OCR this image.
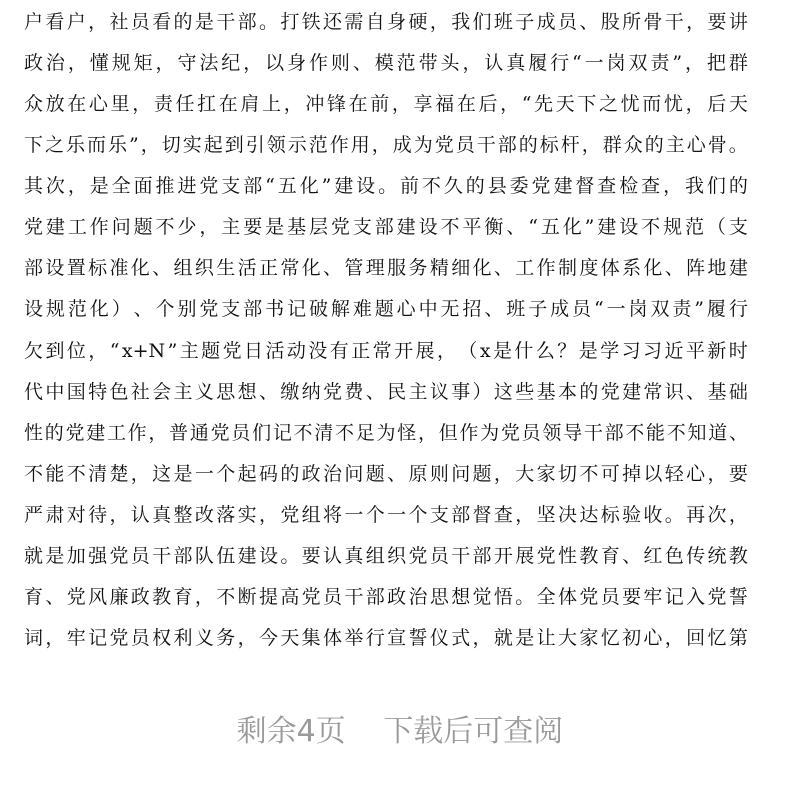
户 看 户 ， 社 员 看 的 是 干 部 。 打 铁 还 需 自 身 硬 ， 我 们 班 子 成 员 、 股 所 骨 干 ， 要 讲
政 治 ， 懂 规 矩 ， 守 法 纪 ， 以 身 作 则 、 模 范 带 头 ， 认 真 履 行 “ 一 岗 双 责 ” ， 把 群
众 放 在 心 里 ， 责 任 扛 在 肩 上 ， 冲 锋 在 前 ， 享 福 在 后 ， “ 先 天 下 之 忧 而 忧 ， 后 天
下 之 乐 而 乐 ” ， 切 实 起 到 引 领 示 范 作 用 ， 成 为 党 员 干 部 的 标 杆 ， 群 众 的 主 心 骨 。
其 次 ， 是 全 面 推 进 党 支 部 “ 五 化 ” 建 设 。 前 不 久 的 县 委 党 建 督 查 检 查 ， 我 们 的
党 建 工 作 问 题 不 少 ， 主 要 是 基 层 党 支 部 建 设 不 平 衡 、 “ 五 化 ” 建 设 不 规 范 （ 支
部 设 置 标 准 化 、 组 织 生 活 正 常 化 、 管 理 服 务 精 细 化 、 工 作 制 度 体 系 化 、 阵 地 建
设 规 范 化 ） 、 个 别 党 支 部 书 记 破 解 难 题 心 中 无 招 、 班 子 成 员 “ 一 岗 双 责 ” 履 行
欠 到 位 ， “ x+N ” 主 题 党 日 活 动 没 有 正 常 开 展 ， （ x 是 什 么 ？ 是 学 习 习 近 平 新 时
代 中 国 特 色 社 会 主 义 思 想 、 缴 纳 党 费 、 民 主 议 事 ） 这 些 基 本 的 党 建 常 识 、 基 础
性 的 党 建 工 作 ， 普 通 党 员 们 记 不 清 不 足 为 怪 ， 但 作 为 党 员 领 导 干 部 不 能 不 知 道 、
不 能 不 清 楚 ， 这 是 一 个 起 码 的 政 治 问 题 、 原 则 问 题 ， 大 家 切 不 可 掉 以 轻 心 ， 要
严 肃 对 待 ， 认 真 整 改 落 实 ， 党 组 将 一 个 一 个 支 部 督 查 ， 坚 决 达 标 验 收 。 再 次 ，
就 是 加 强 党 员 干 部 队 伍 建 设 。 要 认 真 组 织 党 员 干 部 开 展 党 性 教 育 、 红 色 传 统 教
育 、 党 风 廉 政 教 育 ， 不 断 提 高 党 员 干 部 政 治 思 想 觉 悟 。 全 体 党 员 要 牢 记 入 党 誓
词 ， 牢 记 党 员 权 利 义 务 ， 今 天 集 体 举 行 宣 誓 仪 式 ， 就 是 让 大 家 忆 初 心 ， 回 忆 第
剩余4页 下载后可查阅
